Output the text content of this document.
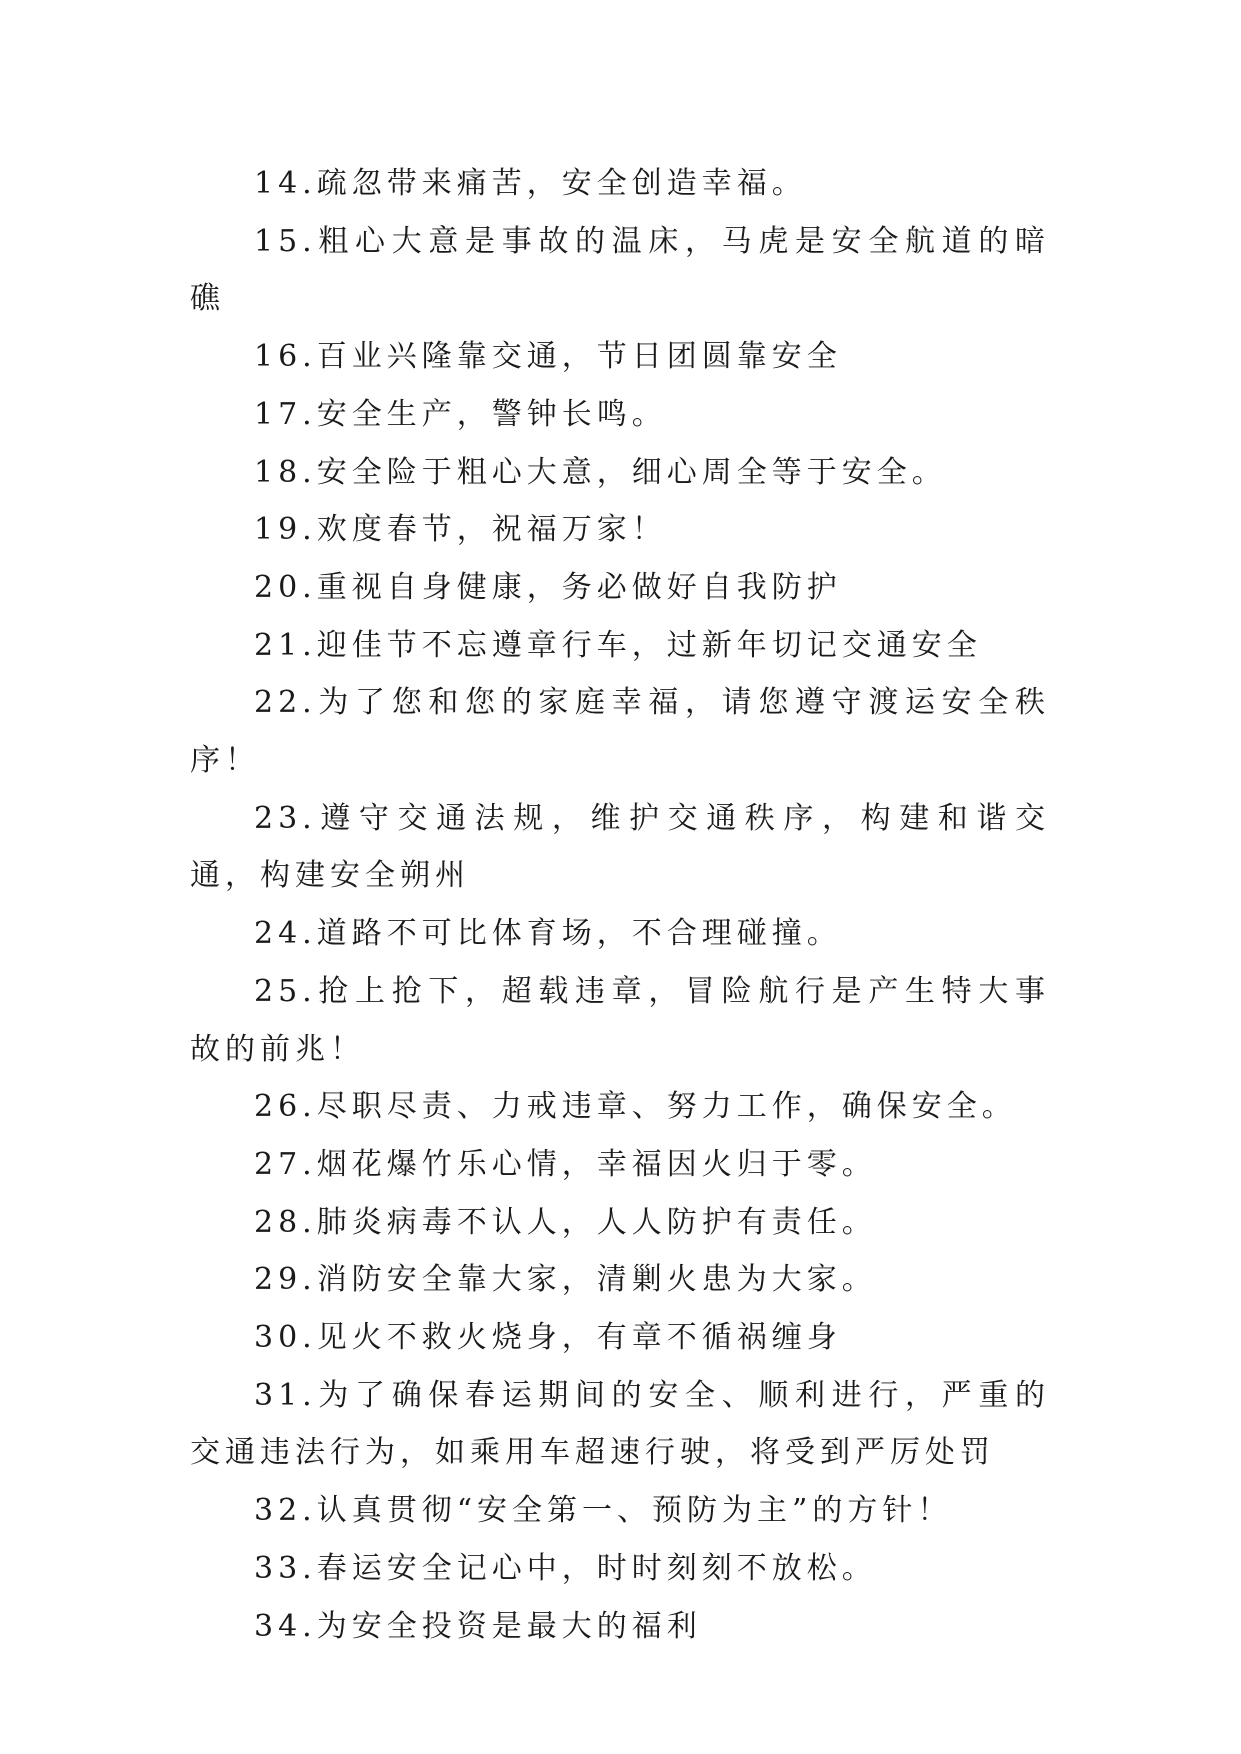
14.疏忽带来痛苦，安全创造幸福。

15.粗心大意是事故的温床，马虎是安全航道的暗礁

16.百业兴隆靠交通，节日团圆靠安全

17.安全生产，警钟长鸣。

18.安全险于粗心大意，细心周全等于安全。

19.欢度春节，祝福万家！

20.重视自身健康，务必做好自我防护

21.迎佳节不忘遵章行车，过新年切记交通安全

22.为了您和您的家庭幸福，请您遵守渡运安全秩序！

23.遵守交通法规，维护交通秩序，构建和谐交通，构建安全朔州

24.道路不可比体育场，不合理碰撞。

25.抢上抢下，超载违章，冒险航行是产生特大事故的前兆！

26.尽职尽责、力戒违章、努力工作，确保安全。

27.烟花爆竹乐心情，幸福因火归于零。

28.肺炎病毒不认人，人人防护有责任。

29.消防安全靠大家，清剿火患为大家。

30.见火不救火烧身，有章不循祸缠身

31.为了确保春运期间的安全、顺利进行，严重的交通违法行为，如乘用车超速行驶，将受到严厉处罚

32.认真贯彻“安全第一、预防为主”的方针！

33.春运安全记心中，时时刻刻不放松。

34.为安全投资是最大的福利
